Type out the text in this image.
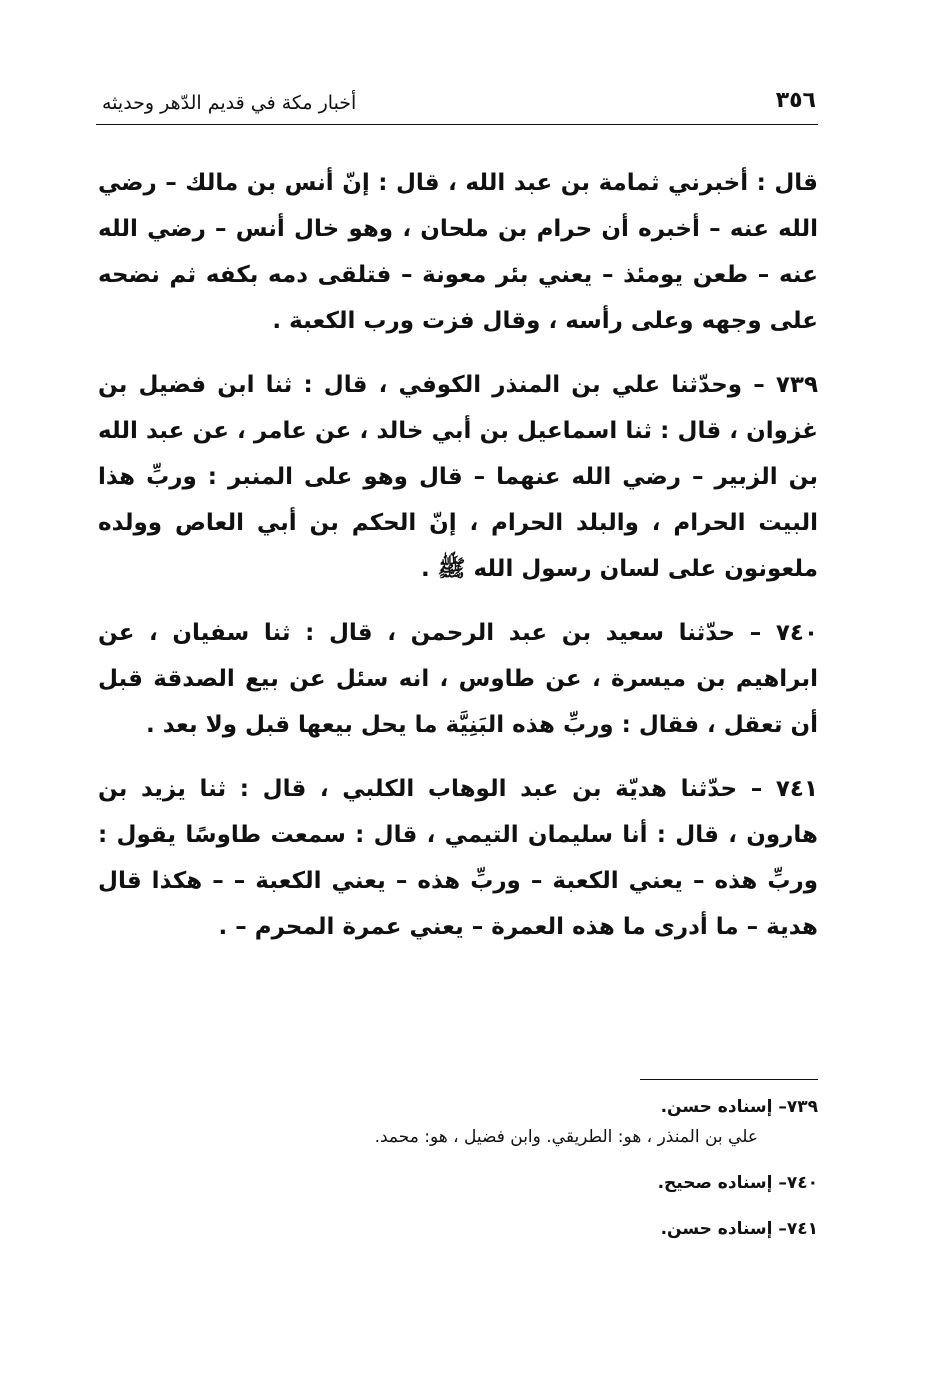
٣٥٦
أخبار مكة في قديم الدّهر وحديثه

قال : أخبرني ثمامة بن عبد الله ، قال : إنّ أنس بن مالك – رضي الله عنه – أخبره أن حرام بن ملحان ، وهو خال أنس – رضي الله عنه – طعن يومئذ – يعني بئر معونة – فتلقى دمه بكفه ثم نضحه على وجهه وعلى رأسه ، وقال فزت ورب الكعبة .

٧٣٩ – وحدّثنا علي بن المنذر الكوفي ، قال : ثنا ابن فضيل بن غزوان ، قال : ثنا اسماعيل بن أبي خالد ، عن عامر ، عن عبد الله بن الزبير – رضي الله عنهما – قال وهو على المنبر : وربِّ هذا البيت الحرام ، والبلد الحرام ، إنّ الحكم بن أبي العاص وولده ملعونون على لسان رسول الله ﷺ .

٧٤٠ – حدّثنا سعيد بن عبد الرحمن ، قال : ثنا سفيان ، عن ابراهيم بن ميسرة ، عن طاوس ، انه سئل عن بيع الصدقة قبل أن تعقل ، فقال : وربِّ هذه البَنِيَّة ما يحل بيعها قبل ولا بعد .

٧٤١ – حدّثنا هديّة بن عبد الوهاب الكلبي ، قال : ثنا يزيد بن هارون ، قال : أنا سليمان التيمي ، قال : سمعت طاوسًا يقول : وربِّ هذه – يعني الكعبة – وربِّ هذه – يعني الكعبة – – هكذا قال هدية – ما أدرى ما هذه العمرة – يعني عمرة المحرم – .

٧٣٩– إسناده حسن.
علي بن المنذر ، هو: الطريقي. وابن فضيل ، هو: محمد.
٧٤٠– إسناده صحيح.
٧٤١– إسناده حسن.
